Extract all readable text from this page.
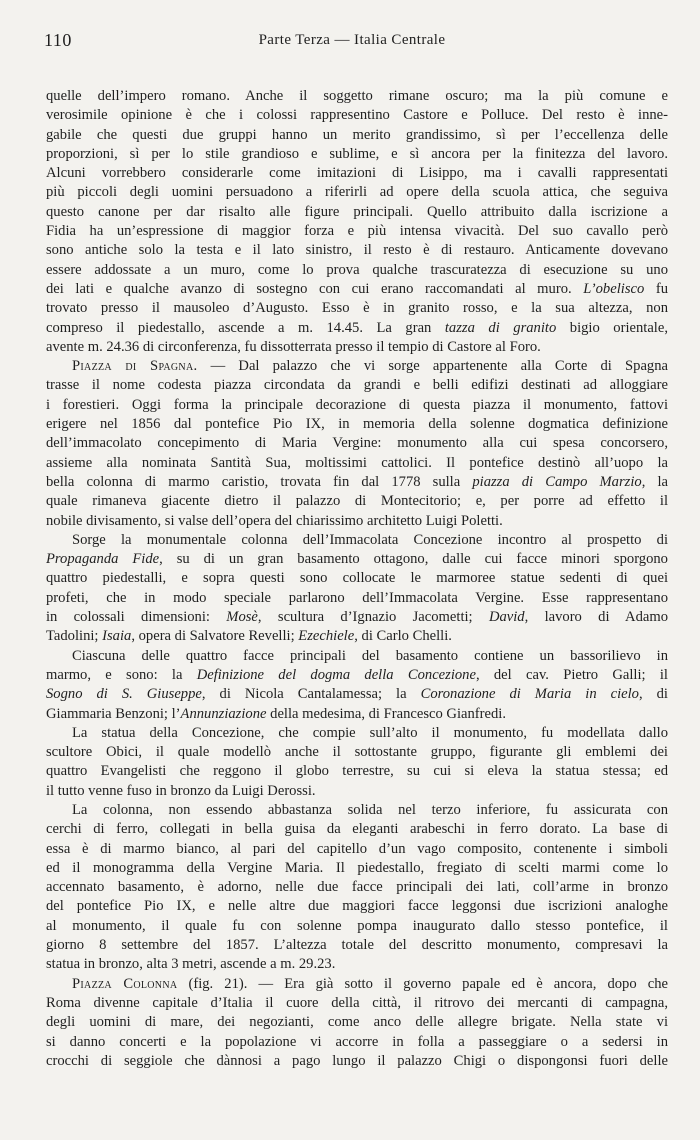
110	Parte Terza — Italia Centrale
quelle dell’impero romano. Anche il soggetto rimane oscuro; ma la più comune e
verosimile opinione è che i colossi rappresentino Castore e Polluce. Del resto è inne-
gabile che questi due gruppi hanno un merito grandissimo, sì per l’eccellenza delle
proporzioni, sì per lo stile grandioso e sublime, e sì ancora per la finitezza del lavoro.
Alcuni vorrebbero considerarle come imitazioni di Lisippo, ma i cavalli rappresentati
più piccoli degli uomini persuadono a riferirli ad opere della scuola attica, che seguiva
questo canone per dar risalto alle figure principali. Quello attribuito dalla iscrizione a
Fidia ha un’espressione di maggior forza e più intensa vivacità. Del suo cavallo però
sono antiche solo la testa e il lato sinistro, il resto è di restauro. Anticamente dovevano
essere addossate a un muro, come lo prova qualche trascuratezza di esecuzione su uno
dei lati e qualche avanzo di sostegno con cui erano raccomandati al muro. L’obelisco fu
trovato presso il mausoleo d’Augusto. Esso è in granito rosso, e la sua altezza, non
compreso il piedestallo, ascende a m. 14.45. La gran tazza di granito bigio orientale,
avente m. 24.36 di circonferenza, fu dissotterrata presso il tempio di Castore al Foro.
Piazza di Spagna. — Dal palazzo che vi sorge appartenente alla Corte di Spagna
trasse il nome codesta piazza circondata da grandi e belli edifizi destinati ad alloggiare
i forestieri. Oggi forma la principale decorazione di questa piazza il monumento, fattovi
erigere nel 1856 dal pontefice Pio IX, in memoria della solenne dogmatica definizione
dell’immacolato concepimento di Maria Vergine: monumento alla cui spesa concorsero,
assieme alla nominata Santità Sua, moltissimi cattolici. Il pontefice destinò all’uopo la
bella colonna di marmo caristio, trovata fin dal 1778 sulla piazza di Campo Marzio, la
quale rimaneva giacente dietro il palazzo di Montecitorio; e, per porre ad effetto il
nobile divisamento, si valse dell’opera del chiarissimo architetto Luigi Poletti.
Sorge la monumentale colonna dell’Immacolata Concezione incontro al prospetto di
Propaganda Fide, su di un gran basamento ottagono, dalle cui facce minori sporgono
quattro piedestalli, e sopra questi sono collocate le marmoree statue sedenti di quei
profeti, che in modo speciale parlarono dell’Immacolata Vergine. Esse rappresentano
in colossali dimensioni: Mosè, scultura d’Ignazio Jacometti; David, lavoro di Adamo
Tadolini; Isaia, opera di Salvatore Revelli; Ezechiele, di Carlo Chelli.
Ciascuna delle quattro facce principali del basamento contiene un bassorilievo in
marmo, e sono: la Definizione del dogma della Concezione, del cav. Pietro Galli; il
Sogno di S. Giuseppe, di Nicola Cantalamessa; la Coronazione di Maria in cielo, di
Giammaria Benzoni; l’Annunziazione della medesima, di Francesco Gianfredi.
La statua della Concezione, che compie sull’alto il monumento, fu modellata dallo
scultore Obici, il quale modellò anche il sottostante gruppo, figurante gli emblemi dei
quattro Evangelisti che reggono il globo terrestre, su cui si eleva la statua stessa; ed
il tutto venne fuso in bronzo da Luigi Derossi.
La colonna, non essendo abbastanza solida nel terzo inferiore, fu assicurata con
cerchi di ferro, collegati in bella guisa da eleganti arabeschi in ferro dorato. La base di
essa è di marmo bianco, al pari del capitello d’un vago composito, contenente i simboli
ed il monogramma della Vergine Maria. Il piedestallo, fregiato di scelti marmi come lo
accennato basamento, è adorno, nelle due facce principali dei lati, coll’arme in bronzo
del pontefice Pio IX, e nelle altre due maggiori facce leggonsi due iscrizioni analoghe
al monumento, il quale fu con solenne pompa inaugurato dallo stesso pontefice, il
giorno 8 settembre del 1857. L’altezza totale del descritto monumento, compresavi la
statua in bronzo, alta 3 metri, ascende a m. 29.23.
Piazza Colonna (fig. 21). — Era già sotto il governo papale ed è ancora, dopo che
Roma divenne capitale d’Italia il cuore della città, il ritrovo dei mercanti di campagna,
degli uomini di mare, dei negozianti, come anco delle allegre brigate. Nella state vi
si danno concerti e la popolazione vi accorre in folla a passeggiare o a sedersi in
crocchi di seggiole che dànnosi a pago lungo il palazzo Chigi o dispongonsi fuori delle
